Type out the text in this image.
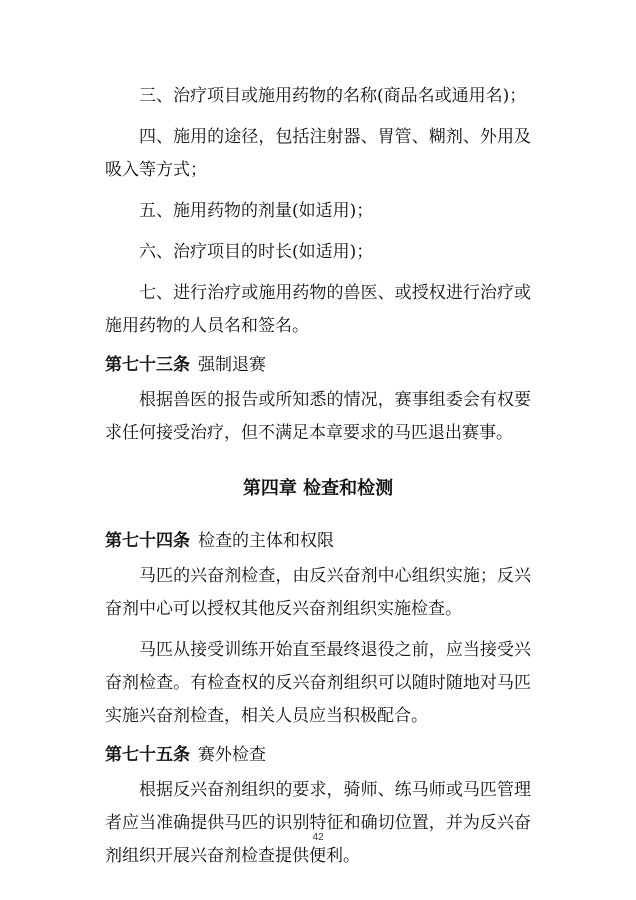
三、治疗项目或施用药物的名称(商品名或通用名)；

四、施用的途径，包括注射器、胃管、糊剂、外用及吸入等方式；

五、施用药物的剂量(如适用)；

六、治疗项目的时长(如适用)；

七、进行治疗或施用药物的兽医、或授权进行治疗或施用药物的人员名和签名。

第七十三条 强制退赛

根据兽医的报告或所知悉的情况，赛事组委会有权要求任何接受治疗，但不满足本章要求的马匹退出赛事。

第四章 检查和检测
第七十四条 检查的主体和权限

马匹的兴奋剂检查，由反兴奋剂中心组织实施；反兴奋剂中心可以授权其他反兴奋剂组织实施检查。

马匹从接受训练开始直至最终退役之前，应当接受兴奋剂检查。有检查权的反兴奋剂组织可以随时随地对马匹实施兴奋剂检查，相关人员应当积极配合。

第七十五条 赛外检查

根据反兴奋剂组织的要求，骑师、练马师或马匹管理者应当准确提供马匹的识别特征和确切位置，并为反兴奋剂组织开展兴奋剂检查提供便利。

42
